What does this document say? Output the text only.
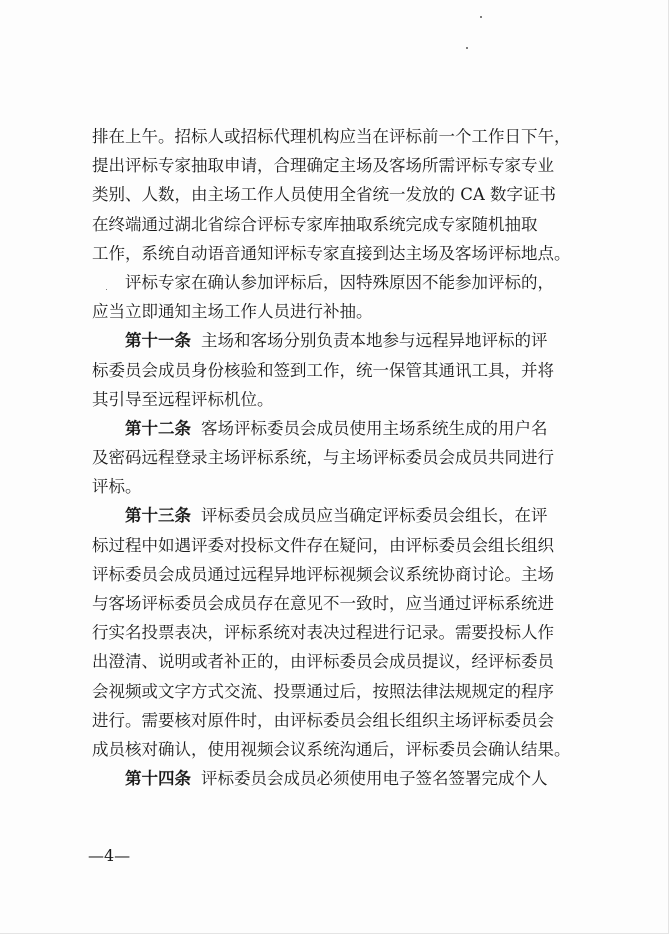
排在上午。招标人或招标代理机构应当在评标前一个工作日下午，
提出评标专家抽取申请，合理确定主场及客场所需评标专家专业
类别、人数，由主场工作人员使用全省统一发放的 CA 数字证书
在终端通过湖北省综合评标专家库抽取系统完成专家随机抽取
工作，系统自动语音通知评标专家直接到达主场及客场评标地点。
评标专家在确认参加评标后，因特殊原因不能参加评标的，
应当立即通知主场工作人员进行补抽。
第十一条 主场和客场分别负责本地参与远程异地评标的评
标委员会成员身份核验和签到工作，统一保管其通讯工具，并将
其引导至远程评标机位。
第十二条 客场评标委员会成员使用主场系统生成的用户名
及密码远程登录主场评标系统，与主场评标委员会成员共同进行
评标。
第十三条 评标委员会成员应当确定评标委员会组长，在评
标过程中如遇评委对投标文件存在疑问，由评标委员会组长组织
评标委员会成员通过远程异地评标视频会议系统协商讨论。主场
与客场评标委员会成员存在意见不一致时，应当通过评标系统进
行实名投票表决，评标系统对表决过程进行记录。需要投标人作
出澄清、说明或者补正的，由评标委员会成员提议，经评标委员
会视频或文字方式交流、投票通过后，按照法律法规规定的程序
进行。需要核对原件时，由评标委员会组长组织主场评标委员会
成员核对确认，使用视频会议系统沟通后，评标委员会确认结果。
第十四条 评标委员会成员必须使用电子签名签署完成个人
—4—
